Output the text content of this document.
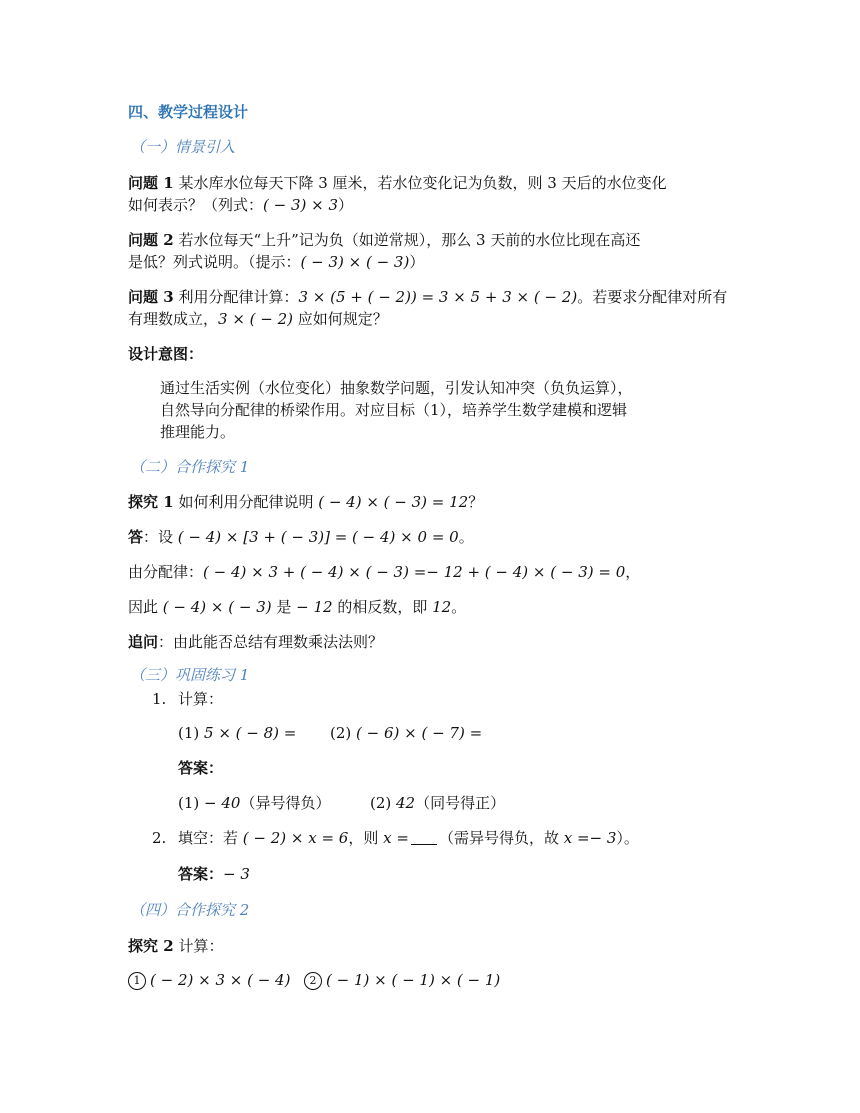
四、教学过程设计
（一）情景引入
问题 1 某水库水位每天下降 3 厘米，若水位变化记为负数，则 3 天后的水位变化
如何表示？（列式：( − 3) × 3）
问题 2 若水位每天“上升”记为负（如逆常规），那么 3 天前的水位比现在高还
是低？列式说明。（提示：( − 3) × ( − 3)）
问题 3 利用分配律计算：3 × (5 + ( − 2)) = 3 × 5 + 3 × ( − 2)。若要求分配律对所有
有理数成立，3 × ( − 2) 应如何规定？
设计意图：
通过生活实例（水位变化）抽象数学问题，引发认知冲突（负负运算），
自然导向分配律的桥梁作用。对应目标（1），培养学生数学建模和逻辑
推理能力。
（二）合作探究 1
探究 1 如何利用分配律说明 ( − 4) × ( − 3) = 12？
答：设 ( − 4) × [3 + ( − 3)] = ( − 4) × 0 = 0。
由分配律：( − 4) × 3 + ( − 4) × ( − 3) =− 12 + ( − 4) × ( − 3) = 0，
因此 ( − 4) × ( − 3) 是 − 12 的相反数，即 12。
追问：由此能否总结有理数乘法法则？
（三）巩固练习 1
1. 计算：
(1) 5 × ( − 8) = (2) ( − 6) × ( − 7) =
答案：
(1) − 40（异号得负）	(2) 42（同号得正）
2. 填空：若 ( − 2) × x = 6，则 x = （需异号得负，故 x =− 3）。
答案：− 3
（四）合作探究 2
探究 2 计算：
1 ( − 2) × 3 × ( − 4)	2 ( − 1) × ( − 1) × ( − 1)
